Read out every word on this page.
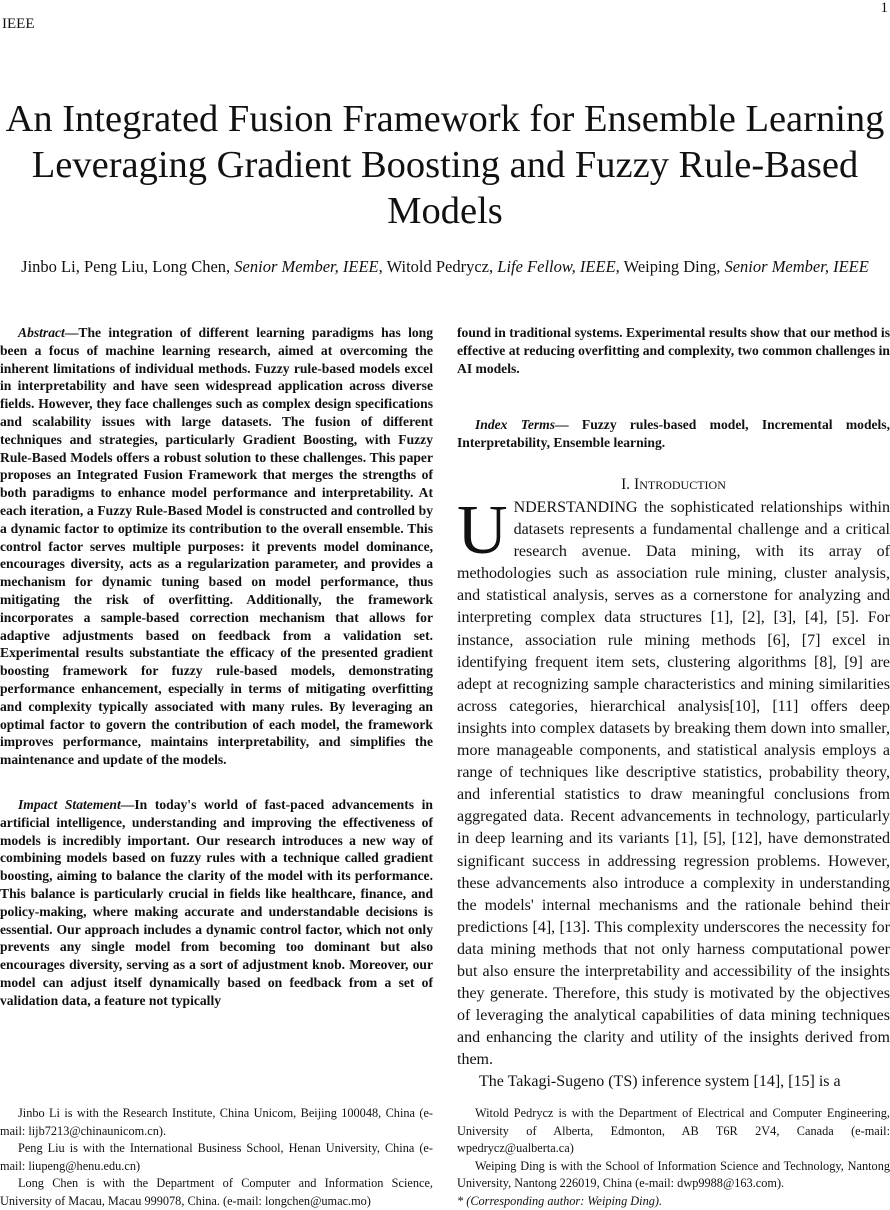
IEEE
1
An Integrated Fusion Framework for Ensemble Learning Leveraging Gradient Boosting and Fuzzy Rule-Based Models
Jinbo Li, Peng Liu, Long Chen, Senior Member, IEEE, Witold Pedrycz, Life Fellow, IEEE, Weiping Ding, Senior Member, IEEE

Abstract—The integration of different learning paradigms has long been a focus of machine learning research, aimed at overcoming the inherent limitations of individual methods. Fuzzy rule-based models excel in interpretability and have seen widespread application across diverse fields. However, they face challenges such as complex design specifications and scalability issues with large datasets. The fusion of different techniques and strategies, particularly Gradient Boosting, with Fuzzy Rule-Based Models offers a robust solution to these challenges. This paper proposes an Integrated Fusion Framework that merges the strengths of both paradigms to enhance model performance and interpretability. At each iteration, a Fuzzy Rule-Based Model is constructed and controlled by a dynamic factor to optimize its contribution to the overall ensemble. This control factor serves multiple purposes: it prevents model dominance, encourages diversity, acts as a regularization parameter, and provides a mechanism for dynamic tuning based on model performance, thus mitigating the risk of overfitting. Additionally, the framework incorporates a sample-based correction mechanism that allows for adaptive adjustments based on feedback from a validation set. Experimental results substantiate the efficacy of the presented gradient boosting framework for fuzzy rule-based models, demonstrating performance enhancement, especially in terms of mitigating overfitting and complexity typically associated with many rules. By leveraging an optimal factor to govern the contribution of each model, the framework improves performance, maintains interpretability, and simplifies the maintenance and update of the models.

Impact Statement—In today's world of fast-paced advancements in artificial intelligence, understanding and improving the effectiveness of models is incredibly important. Our research introduces a new way of combining models based on fuzzy rules with a technique called gradient boosting, aiming to balance the clarity of the model with its performance. This balance is particularly crucial in fields like healthcare, finance, and policy-making, where making accurate and understandable decisions is essential. Our approach includes a dynamic control factor, which not only prevents any single model from becoming too dominant but also encourages diversity, serving as a sort of adjustment knob. Moreover, our model can adjust itself dynamically based on feedback from a set of validation data, a feature not typically

found in traditional systems. Experimental results show that our method is effective at reducing overfitting and complexity, two common challenges in AI models.

Index Terms— Fuzzy rules-based model, Incremental models, Interpretability, Ensemble learning.

I. INTRODUCTION

UNDERSTANDING the sophisticated relationships within datasets represents a fundamental challenge and a critical research avenue. Data mining, with its array of methodologies such as association rule mining, cluster analysis, and statistical analysis, serves as a cornerstone for analyzing and interpreting complex data structures [1], [2], [3], [4], [5]. For instance, association rule mining methods [6], [7] excel in identifying frequent item sets, clustering algorithms [8], [9] are adept at recognizing sample characteristics and mining similarities across categories, hierarchical analysis[10], [11] offers deep insights into complex datasets by breaking them down into smaller, more manageable components, and statistical analysis employs a range of techniques like descriptive statistics, probability theory, and inferential statistics to draw meaningful conclusions from aggregated data. Recent advancements in technology, particularly in deep learning and its variants [1], [5], [12], have demonstrated significant success in addressing regression problems. However, these advancements also introduce a complexity in understanding the models' internal mechanisms and the rationale behind their predictions [4], [13]. This complexity underscores the necessity for data mining methods that not only harness computational power but also ensure the interpretability and accessibility of the insights they generate. Therefore, this study is motivated by the objectives of leveraging the analytical capabilities of data mining techniques and enhancing the clarity and utility of the insights derived from them.

The Takagi-Sugeno (TS) inference system [14], [15] is a

Jinbo Li is with the Research Institute, China Unicom, Beijing 100048, China (e-mail: lijb7213@chinaunicom.cn).

Peng Liu is with the International Business School, Henan University, China (e-mail: liupeng@henu.edu.cn)

Long Chen is with the Department of Computer and Information Science, University of Macau, Macau 999078, China. (e-mail: longchen@umac.mo)

Witold Pedrycz is with the Department of Electrical and Computer Engineering, University of Alberta, Edmonton, AB T6R 2V4, Canada (e-mail: wpedrycz@ualberta.ca)

Weiping Ding is with the School of Information Science and Technology, Nantong University, Nantong 226019, China (e-mail: dwp9988@163.com).

* (Corresponding author: Weiping Ding).
